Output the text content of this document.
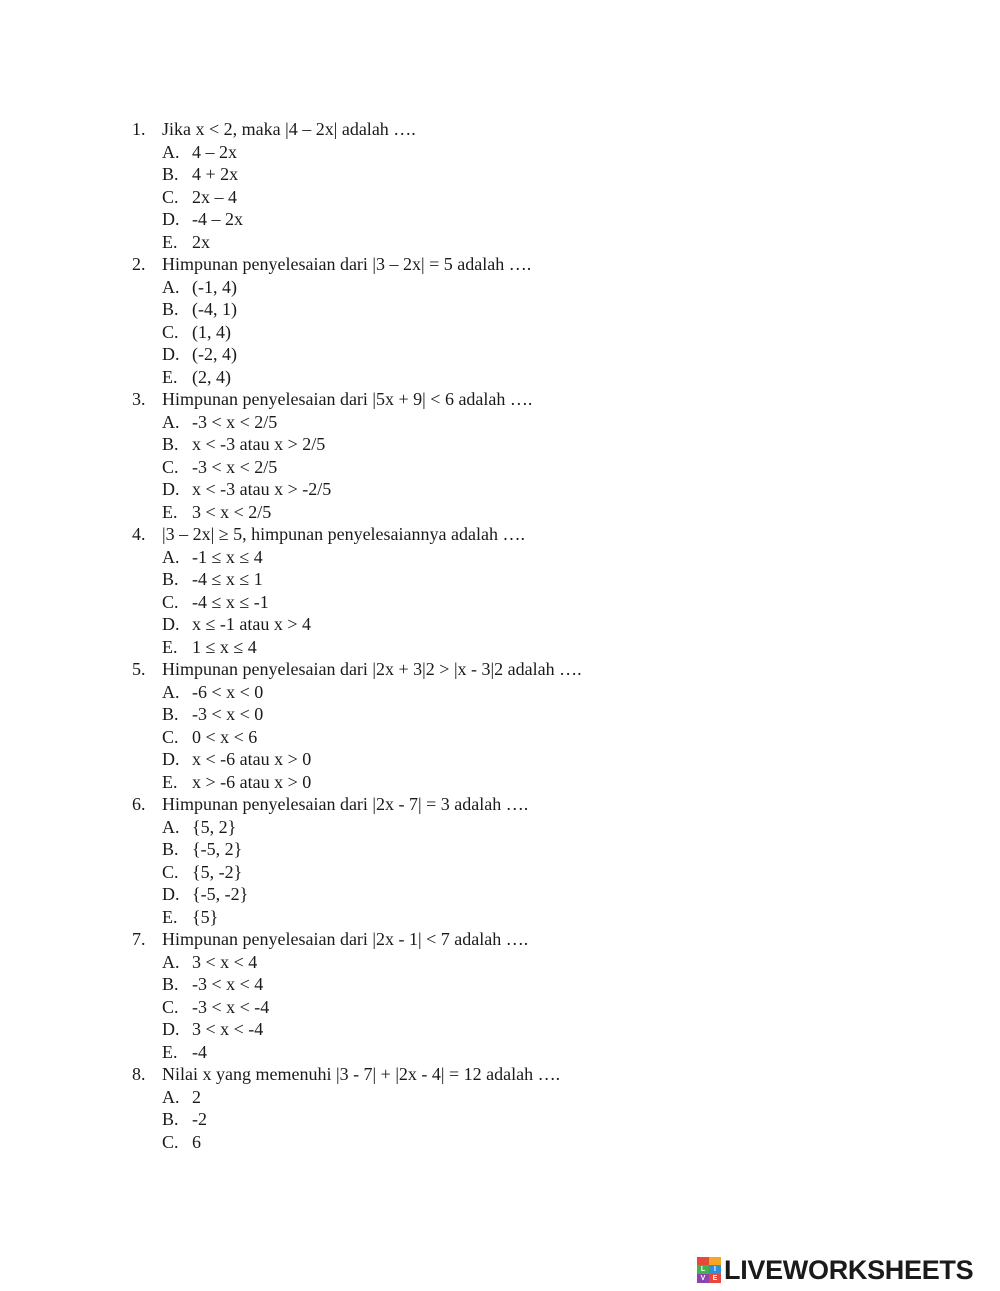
1. Jika x < 2, maka |4 – 2x| adalah ….
A. 4 – 2x
B. 4 + 2x
C. 2x – 4
D. -4 – 2x
E. 2x
2. Himpunan penyelesaian dari |3 – 2x| = 5 adalah ….
A. (-1, 4)
B. (-4, 1)
C. (1, 4)
D. (-2, 4)
E. (2, 4)
3. Himpunan penyelesaian dari |5x + 9| < 6 adalah ….
A. -3 < x < 2/5
B. x < -3 atau x > 2/5
C. -3 < x < 2/5
D. x < -3 atau x > -2/5
E. 3 < x < 2/5
4. |3 – 2x| ≥ 5, himpunan penyelesaiannya adalah ….
A. -1 ≤ x ≤ 4
B. -4 ≤ x ≤ 1
C. -4 ≤ x ≤ -1
D. x ≤ -1 atau x > 4
E. 1 ≤ x ≤ 4
5. Himpunan penyelesaian dari |2x + 3|2 > |x - 3|2 adalah ….
A. -6 < x < 0
B. -3 < x < 0
C. 0 < x < 6
D. x < -6 atau x > 0
E. x > -6 atau x > 0
6. Himpunan penyelesaian dari |2x - 7| = 3 adalah ….
A. {5, 2}
B. {-5, 2}
C. {5, -2}
D. {-5, -2}
E. {5}
7. Himpunan penyelesaian dari |2x - 1| < 7 adalah ….
A. 3 < x < 4
B. -3 < x < 4
C. -3 < x < -4
D. 3 < x < -4
E. -4
8. Nilai x yang memenuhi |3 - 7| + |2x - 4| = 12 adalah ….
A. 2
B. -2
C. 6
L	I
V	E LIVEWORKSHEETS
